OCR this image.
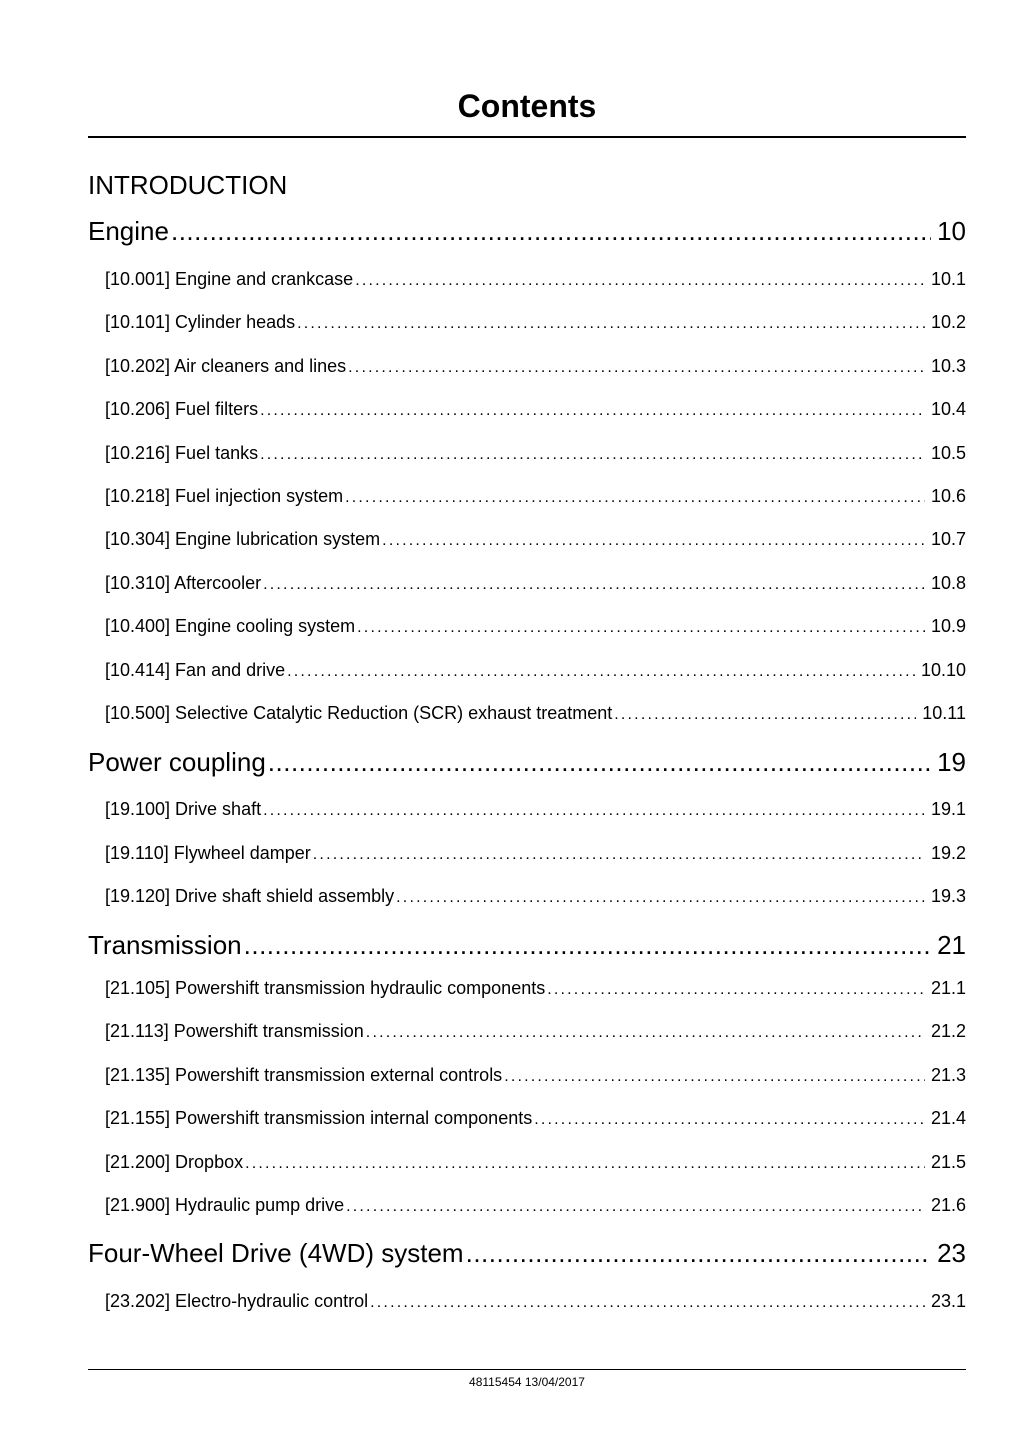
Contents
INTRODUCTION
Engine .....	10
[10.001] Engine and crankcase .....	10.1
[10.101] Cylinder heads .....	10.2
[10.202] Air cleaners and lines .....	10.3
[10.206] Fuel filters .....	10.4
[10.216] Fuel tanks .....	10.5
[10.218] Fuel injection system .....	10.6
[10.304] Engine lubrication system .....	10.7
[10.310] Aftercooler .....	10.8
[10.400] Engine cooling system .....	10.9
[10.414] Fan and drive .....	10.10
[10.500] Selective Catalytic Reduction (SCR) exhaust treatment .....	10.11
Power coupling .....	19
[19.100] Drive shaft .....	19.1
[19.110] Flywheel damper .....	19.2
[19.120] Drive shaft shield assembly .....	19.3
Transmission .....	21
[21.105] Powershift transmission hydraulic components .....	21.1
[21.113] Powershift transmission .....	21.2
[21.135] Powershift transmission external controls .....	21.3
[21.155] Powershift transmission internal components .....	21.4
[21.200] Dropbox .....	21.5
[21.900] Hydraulic pump drive .....	21.6
Four-Wheel Drive (4WD) system .....	23
[23.202] Electro-hydraulic control .....	23.1
48115454 13/04/2017
